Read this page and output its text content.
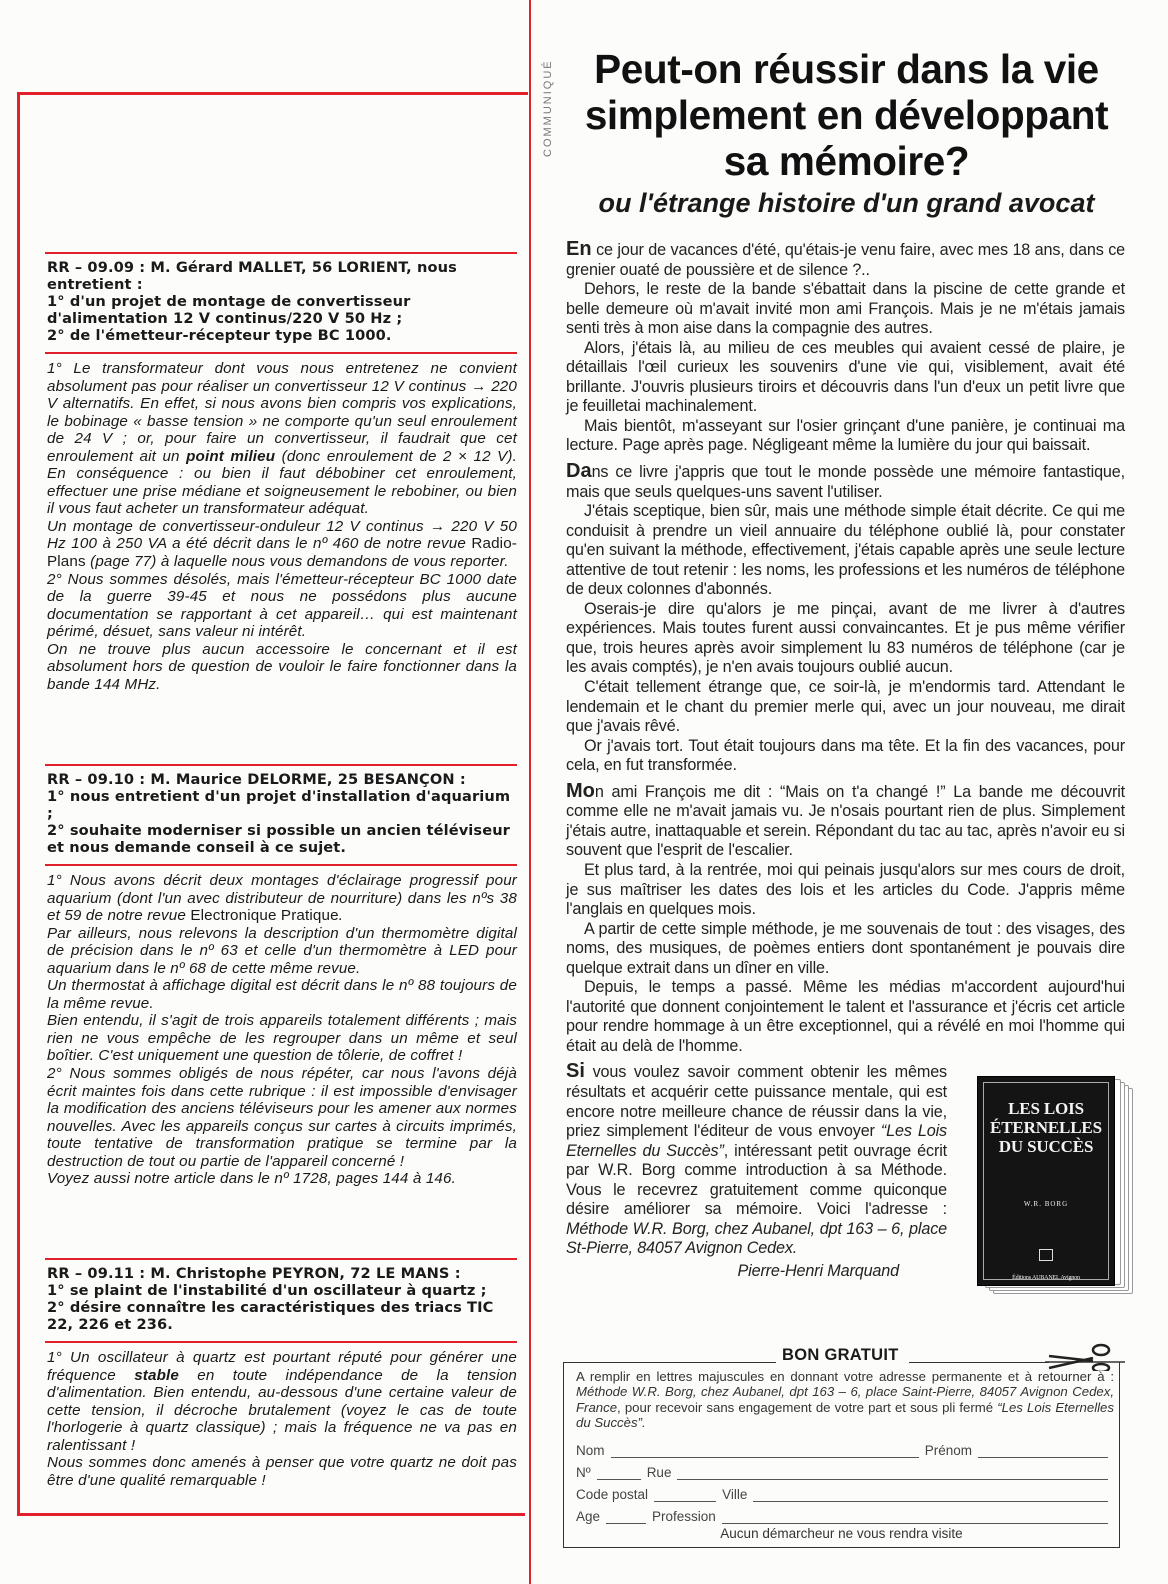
RR – 09.09 : M. Gérard MALLET, 56 LORIENT, nous entretient :
1° d'un projet de montage de convertisseur d'alimentation 12 V continus/220 V 50 Hz ;
2° de l'émetteur-récepteur type BC 1000.

1° Le transformateur dont vous nous entretenez ne convient absolument pas pour réaliser un convertisseur 12 V continus → 220 V alternatifs. En effet, si nous avons bien compris vos explications, le bobinage « basse tension » ne comporte qu'un seul enroulement de 24 V ; or, pour faire un convertisseur, il faudrait que cet enroulement ait un point milieu (donc enroulement de 2 × 12 V). En conséquence : ou bien il faut débobiner cet enroulement, effectuer une prise médiane et soigneusement le rebobiner, ou bien il vous faut acheter un transformateur adéquat.

Un montage de convertisseur-onduleur 12 V continus → 220 V 50 Hz 100 à 250 VA a été décrit dans le nº 460 de notre revue Radio-Plans (page 77) à laquelle nous vous demandons de vous reporter.

2° Nous sommes désolés, mais l'émetteur-récepteur BC 1000 date de la guerre 39-45 et nous ne possédons plus aucune documentation se rapportant à cet appareil… qui est maintenant périmé, désuet, sans valeur ni intérêt.

On ne trouve plus aucun accessoire le concernant et il est absolument hors de question de vouloir le faire fonctionner dans la bande 144 MHz.

RR – 09.10 : M. Maurice DELORME, 25 BESANÇON :
1° nous entretient d'un projet d'installation d'aquarium ;
2° souhaite moderniser si possible un ancien téléviseur et nous demande conseil à ce sujet.

1° Nous avons décrit deux montages d'éclairage progressif pour aquarium (dont l'un avec distributeur de nourriture) dans les nºs 38 et 59 de notre revue Electronique Pratique.

Par ailleurs, nous relevons la description d'un thermomètre digital de précision dans le nº 63 et celle d'un thermomètre à LED pour aquarium dans le nº 68 de cette même revue.

Un thermostat à affichage digital est décrit dans le nº 88 toujours de la même revue.

Bien entendu, il s'agit de trois appareils totalement différents ; mais rien ne vous empêche de les regrouper dans un même et seul boîtier. C'est uniquement une question de tôlerie, de coffret !

2° Nous sommes obligés de nous répéter, car nous l'avons déjà écrit maintes fois dans cette rubrique : il est impossible d'envisager la modification des anciens téléviseurs pour les amener aux normes nouvelles. Avec les appareils conçus sur cartes à circuits imprimés, toute tentative de transformation pratique se termine par la destruction de tout ou partie de l'appareil concerné !

Voyez aussi notre article dans le nº 1728, pages 144 à 146.

RR – 09.11 : M. Christophe PEYRON, 72 LE MANS :
1° se plaint de l'instabilité d'un oscillateur à quartz ;
2° désire connaître les caractéristiques des triacs TIC 22, 226 et 236.

1° Un oscillateur à quartz est pourtant réputé pour générer une fréquence stable en toute indépendance de la tension d'alimentation. Bien entendu, au-dessous d'une certaine valeur de cette tension, il décroche brutalement (voyez le cas de toute l'horlogerie à quartz classique) ; mais la fréquence ne va pas en ralentissant !

Nous sommes donc amenés à penser que votre quartz ne doit pas être d'une qualité remarquable !

COMMUNIQUÉ Peut-on réussir dans la vie
simplement en développant
sa mémoire?
ou l'étrange histoire d'un grand avocat

En ce jour de vacances d'été, qu'étais-je venu faire, avec mes 18 ans, dans ce grenier ouaté de poussière et de silence ?..

Dehors, le reste de la bande s'ébattait dans la piscine de cette grande et belle demeure où m'avait invité mon ami François. Mais je ne m'étais jamais senti très à mon aise dans la compagnie des autres.

Alors, j'étais là, au milieu de ces meubles qui avaient cessé de plaire, je détaillais l'œil curieux les souvenirs d'une vie qui, visiblement, avait été brillante. J'ouvris plusieurs tiroirs et découvris dans l'un d'eux un petit livre que je feuilletai machinalement.

Mais bientôt, m'asseyant sur l'osier grinçant d'une panière, je continuai ma lecture. Page après page. Négligeant même la lumière du jour qui baissait.

Dans ce livre j'appris que tout le monde possède une mémoire fantastique, mais que seuls quelques-uns savent l'utiliser.

J'étais sceptique, bien sûr, mais une méthode simple était décrite. Ce qui me conduisit à prendre un vieil annuaire du téléphone oublié là, pour constater qu'en suivant la méthode, effectivement, j'étais capable après une seule lecture attentive de tout retenir : les noms, les professions et les numéros de téléphone de deux colonnes d'abonnés.

Oserais-je dire qu'alors je me pinçai, avant de me livrer à d'autres expériences. Mais toutes furent aussi convaincantes. Et je pus même vérifier que, trois heures après avoir simplement lu 83 numéros de téléphone (car je les avais comptés), je n'en avais toujours oublié aucun.

C'était tellement étrange que, ce soir-là, je m'endormis tard. Attendant le lendemain et le chant du premier merle qui, avec un jour nouveau, me dirait que j'avais rêvé.

Or j'avais tort. Tout était toujours dans ma tête. Et la fin des vacances, pour cela, en fut transformée.

Mon ami François me dit : “Mais on t'a changé !” La bande me découvrit comme elle ne m'avait jamais vu. Je n'osais pourtant rien de plus. Simplement j'étais autre, inattaquable et serein. Répondant du tac au tac, après n'avoir eu si souvent que l'esprit de l'escalier.

Et plus tard, à la rentrée, moi qui peinais jusqu'alors sur mes cours de droit, je sus maîtriser les dates des lois et les articles du Code. J'appris même l'anglais en quelques mois.

A partir de cette simple méthode, je me souvenais de tout : des visages, des noms, des musiques, de poèmes entiers dont spontanément je pouvais dire quelque extrait dans un dîner en ville.

Depuis, le temps a passé. Même les médias m'accordent aujourd'hui l'autorité que donnent conjointement le talent et l'assurance et j'écris cet article pour rendre hommage à un être exceptionnel, qui a révélé en moi l'homme qui était au delà de l'homme.

LES LOIS
ÉTERNELLES
DU SUCCÈS
W.R. BORG
Éditions AUBANEL Avignon
Si vous voulez savoir comment obtenir les mêmes résultats et acquérir cette puissance mentale, qui est encore notre meilleure chance de réussir dans la vie, priez simplement l'éditeur de vous envoyer “Les Lois Eternelles du Succès”, intéressant petit ouvrage écrit par W.R. Borg comme introduction à sa Méthode. Vous le recevrez gratuitement comme quiconque désire améliorer sa mémoire. Voici l'adresse : Méthode W.R. Borg, chez Aubanel, dpt 163 – 6, place St-Pierre, 84057 Avignon Cedex.

Pierre-Henri Marquand

BON GRATUIT
A remplir en lettres majuscules en donnant votre adresse permanente et à retourner à : Méthode W.R. Borg, chez Aubanel, dpt 163 – 6, place Saint-Pierre, 84057 Avignon Cedex, France, pour recevoir sans engagement de votre part et sous pli fermé “Les Lois Eternelles du Succès”.
Nom	Prénom
Nº	Rue
Code postal	Ville
Age	Profession
Aucun démarcheur ne vous rendra visite
